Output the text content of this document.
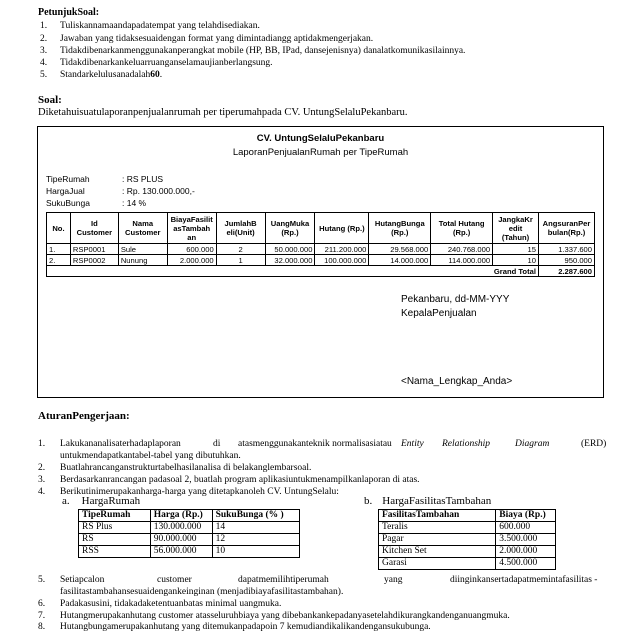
PetunjukSoal:
1.	Tuliskannamaandapadatempat yang telahdisediakan.
2.	Jawaban yang tidaksesuaidengan format yang dimintadiangg aptidakmengerjakan.
3.	Tidakdibenarkanmenggunakanperangkat mobile (HP, BB, IPad, dansejenisnya) danalatkomunikasilainnya.
4.	Tidakdibenarkankeluarruanganselamaujianberlangsung.
5.	Standarkelulusanadalah60.
Soal:
Diketahuisuatulaporanpenjualanrumah per tiperumahpada CV. UntungSelaluPekanbaru.
CV. UntungSelaluPekanbaru
LaporanPenjualanRumah per TipeRumah
TipeRumah	: RS PLUS
HargaJual	: Rp. 130.000.000,-
SukuBunga	: 14 %
No.	Id Customer	Nama Customer	BiayaFasilit asTambah an	JumlahB eli(Unit)	UangMuka (Rp.)	Hutang (Rp.)	HutangBunga (Rp.)	Total Hutang (Rp.)	JangkaKr edit (Tahun)	AngsuranPer bulan(Rp.)
1.	RSP0001	Sule	600.000	2	50.000.000	211.200.000	29.568.000	240.768.000	15	1.337.600
2.	RSP0002	Nunung	2.000.000	1	32.000.000	100.000.000	14.000.000	114.000.000	10	950.000
Grand Total										2.287.600
Pekanbaru, dd-MM-YYY
KepalaPenjualan
<Nama_Lengkap_Anda>
AturanPengerjaan:
1. Lakukananalisaterhadaplaporan	di atasmenggunakanteknik normalisasiatau Entity Relationship	Diagram	(ERD)
untukmendapatkantabel-tabel yang dibutuhkan.
2. Buatlahrancanganstrukturtabelhasilanalisa di belakanglembarsoal.
3. Berdasarkanrancangan padasoal 2, buatlah program aplikasiuntukmenampilkanlaporan di atas.
4. Berikutinimerupakanharga-harga yang ditetapkanoleh CV. UntungSelalu:
a. HargaRumah	b. HargaFasilitasTambahan
TipeRumah	Harga (Rp.)	SukuBunga (% )
RS Plus	130.000.000	14
RS	90.000.000	12
RSS	56.000.000	10
FasilitasTambahan	Biaya (Rp.)
Teralis	600.000
Pagar	3.500.000
Kitchen Set	2.000.000
Garasi	4.500.000
5. Setiapcalon	customer	dapatmemilihtiperumah	yang	diinginkansertadapatmemintafasilitas -
fasilitastambahansesuaidengankeinginan (menjadibiayafasilitastambahan).
6. Padakasusini, tidakadaketentuanbatas minimal uangmuka.
7. Hutangmerupakanhutang customer atasseluruhbiaya yang dibebankankepadanyasetelahdikurangkandenganuangmuka.
8. Hutangbungamerupakanhutang yang ditemukanpadapoin 7 kemudiandikalikandengansukubunga.
